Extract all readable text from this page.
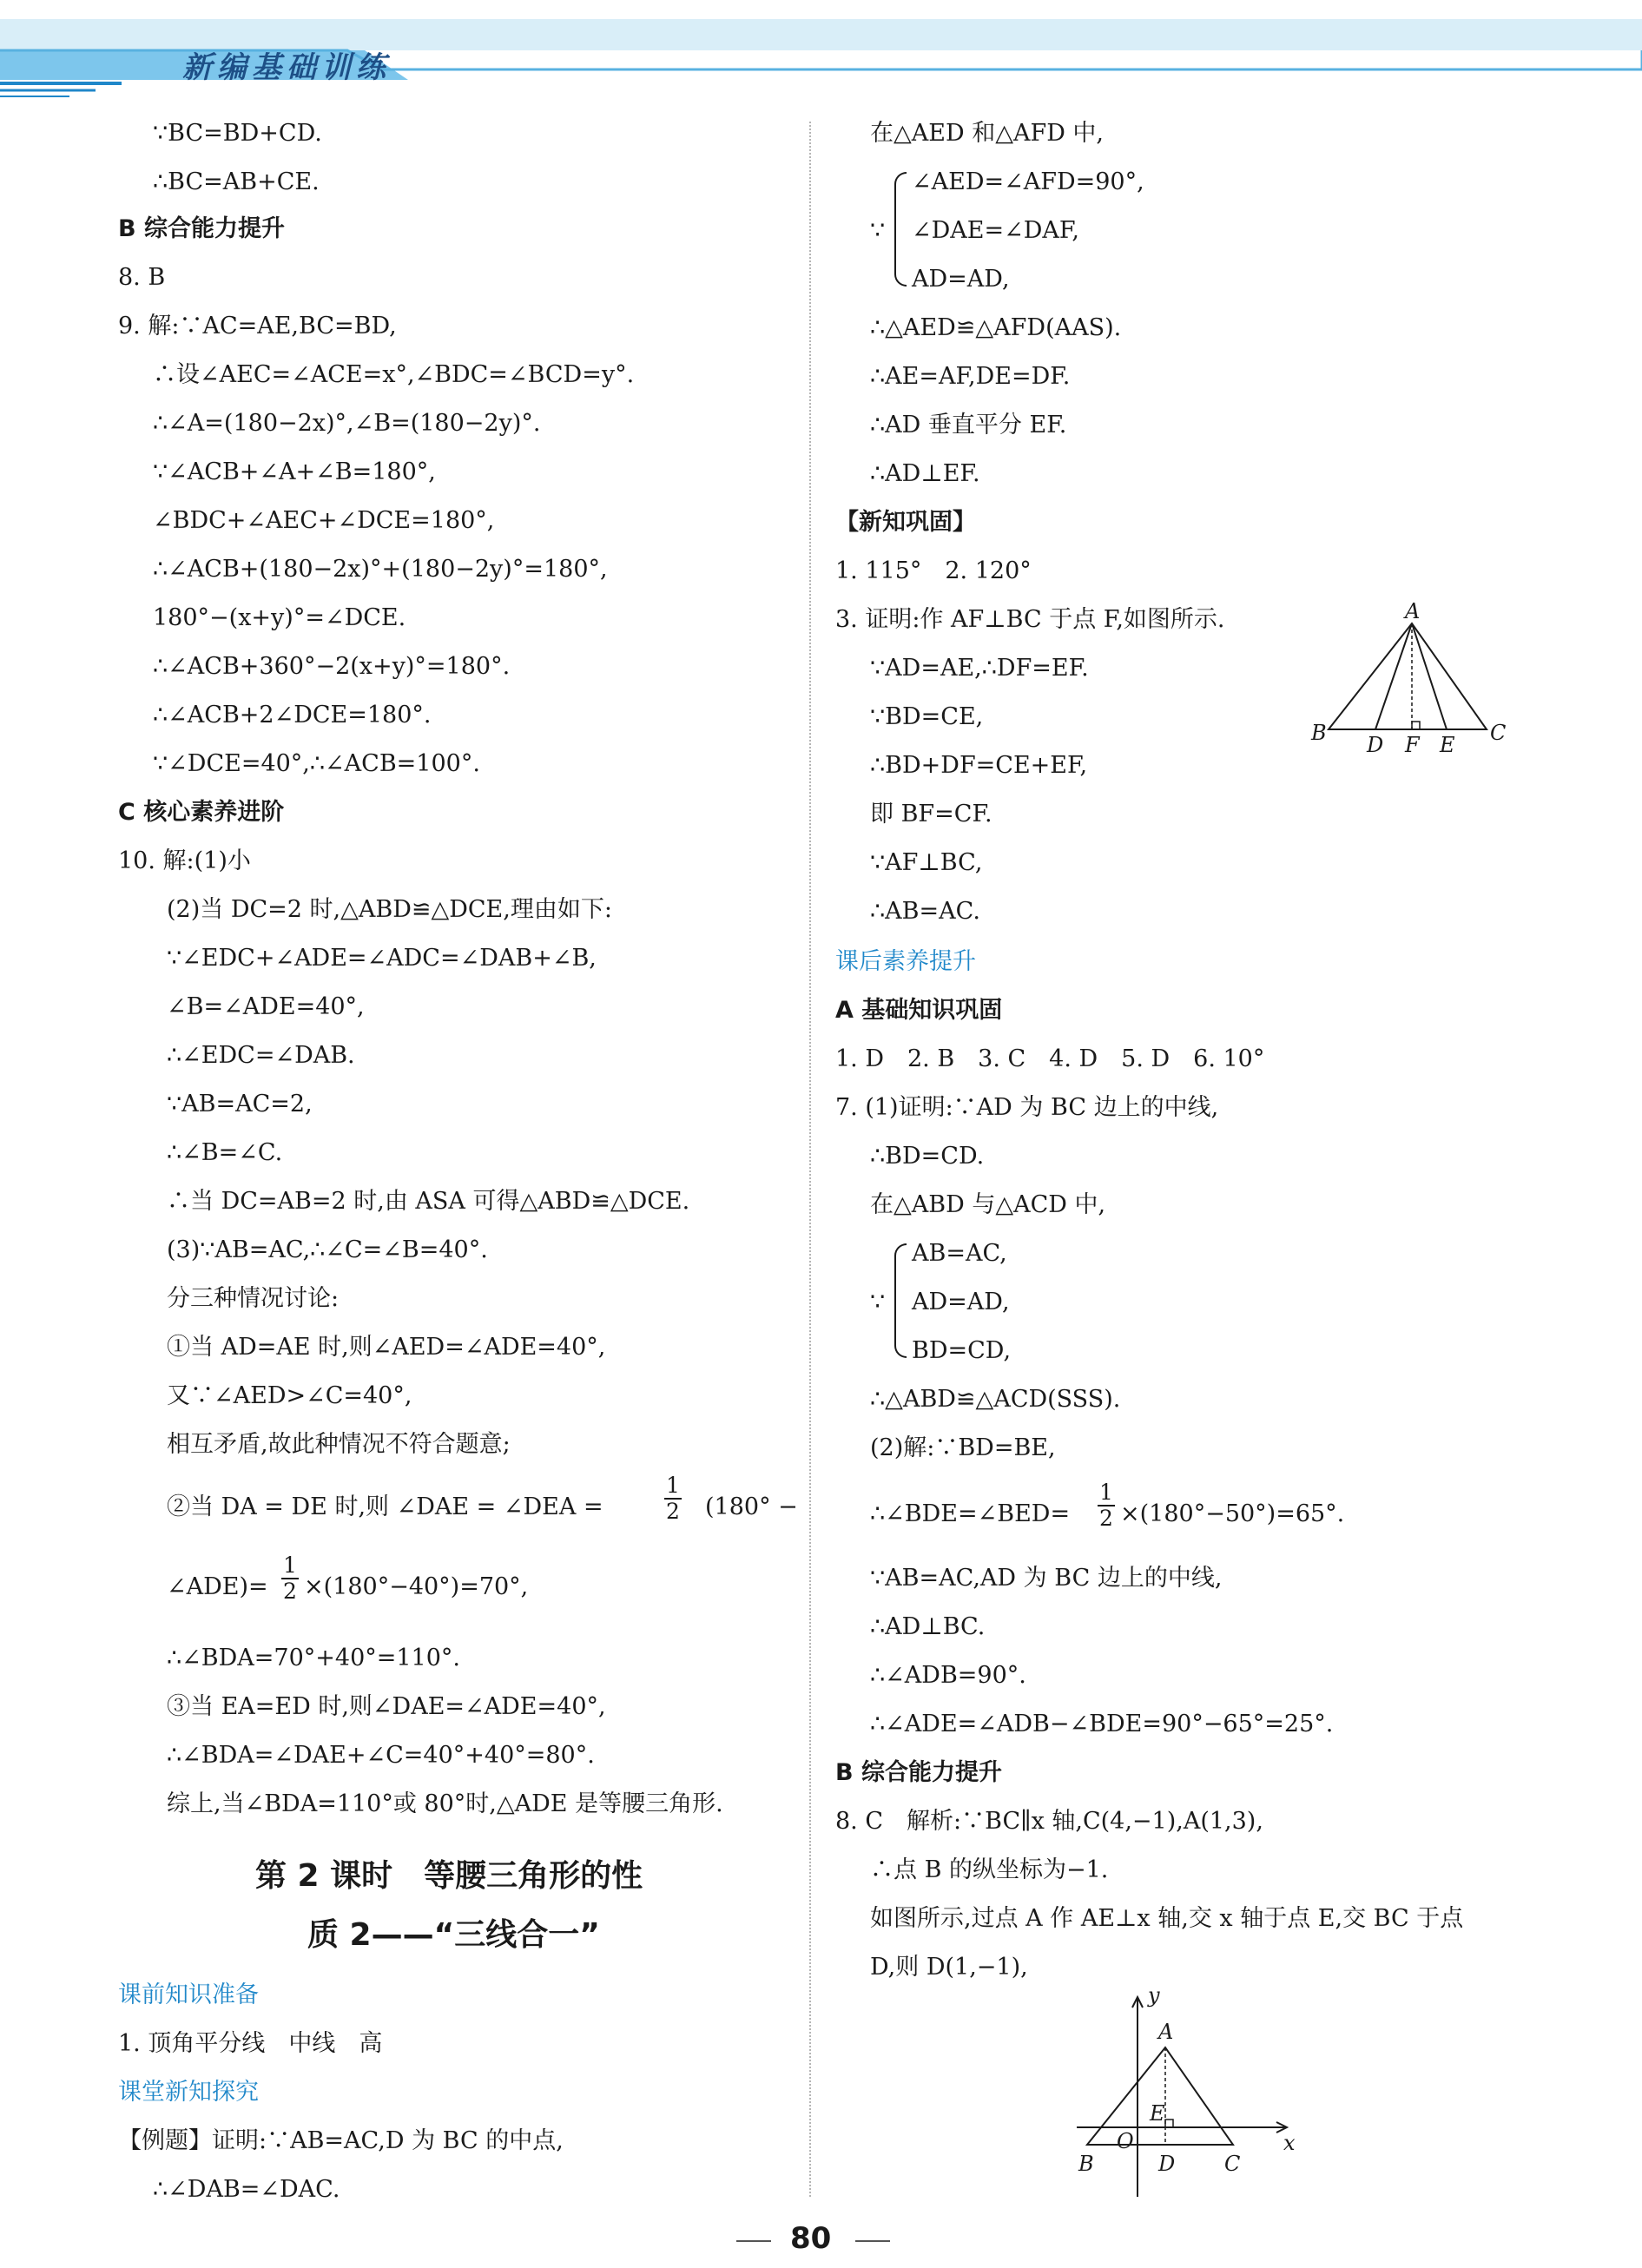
新编基础训练
∵BC=BD+CD.
∴BC=AB+CE.
B 综合能力提升
8. B
9. 解:∵AC=AE,BC=BD,
∴设∠AEC=∠ACE=x°,∠BDC=∠BCD=y°.
∴∠A=(180−2x)°,∠B=(180−2y)°.
∵∠ACB+∠A+∠B=180°,
∠BDC+∠AEC+∠DCE=180°,
∴∠ACB+(180−2x)°+(180−2y)°=180°,
180°−(x+y)°=∠DCE.
∴∠ACB+360°−2(x+y)°=180°.
∴∠ACB+2∠DCE=180°.
∵∠DCE=40°,∴∠ACB=100°.
C 核心素养进阶
10. 解:(1)小
(2)当 DC=2 时,△ABD≌△DCE,理由如下:
∵∠EDC+∠ADE=∠ADC=∠DAB+∠B,
∠B=∠ADE=40°,
∴∠EDC=∠DAB.
∵AB=AC=2,
∴∠B=∠C.
∴当 DC=AB=2 时,由 ASA 可得△ABD≌△DCE.
(3)∵AB=AC,∴∠C=∠B=40°.
分三种情况讨论:
①当 AD=AE 时,则∠AED=∠ADE=40°,
又∵∠AED>∠C=40°,
相互矛盾,故此种情况不符合题意;
②当 DA = DE 时,则 ∠DAE = ∠DEA =
1
2 (180° −
∠ADE)=
1
2 ×(180°−40°)=70°,
∴∠BDA=70°+40°=110°.
③当 EA=ED 时,则∠DAE=∠ADE=40°,
∴∠BDA=∠DAE+∠C=40°+40°=80°.
综上,当∠BDA=110°或 80°时,△ADE 是等腰三角形.
第 2 课时　等腰三角形的性
质 2——“三线合一”
课前知识准备
1. 顶角平分线　中线　高
课堂新知探究
【例题】证明:∵AB=AC,D 为 BC 的中点,
∴∠DAB=∠DAC.
在△AED 和△AFD 中,
∵
∠AED=∠AFD=90°,
∠DAE=∠DAF,
AD=AD,
∴△AED≌△AFD(AAS).
∴AE=AF,DE=DF.
∴AD 垂直平分 EF.
∴AD⊥EF.
【新知巩固】
1. 115°　2. 120°
3. 证明:作 AF⊥BC 于点 F,如图所示.
∵AD=AE,∴DF=EF.
∵BD=CE,
∴BD+DF=CE+EF,
即 BF=CF.
∵AF⊥BC,
∴AB=AC.
课后素养提升
A 基础知识巩固
1. D　2. B　3. C　4. D　5. D　6. 10°
7. (1)证明:∵AD 为 BC 边上的中线,
∴BD=CD.
在△ABD 与△ACD 中,
∵
AB=AC,
AD=AD,
BD=CD,
∴△ABD≌△ACD(SSS).
(2)解:∵BD=BE,
∴∠BDE=∠BED=
1
2 ×(180°−50°)=65°.
∵AB=AC,AD 为 BC 边上的中线,
∴AD⊥BC.
∴∠ADB=90°.
∴∠ADE=∠ADB−∠BDE=90°−65°=25°.
B 综合能力提升
8. C　解析:∵BC∥x 轴,C(4,−1),A(1,3),
∴点 B 的纵坐标为−1.
如图所示,过点 A 作 AE⊥x 轴,交 x 轴于点 E,交 BC 于点
D,则 D(1,−1),
A
B	C
D F E
y
x
A
E
O
B	D C
80
